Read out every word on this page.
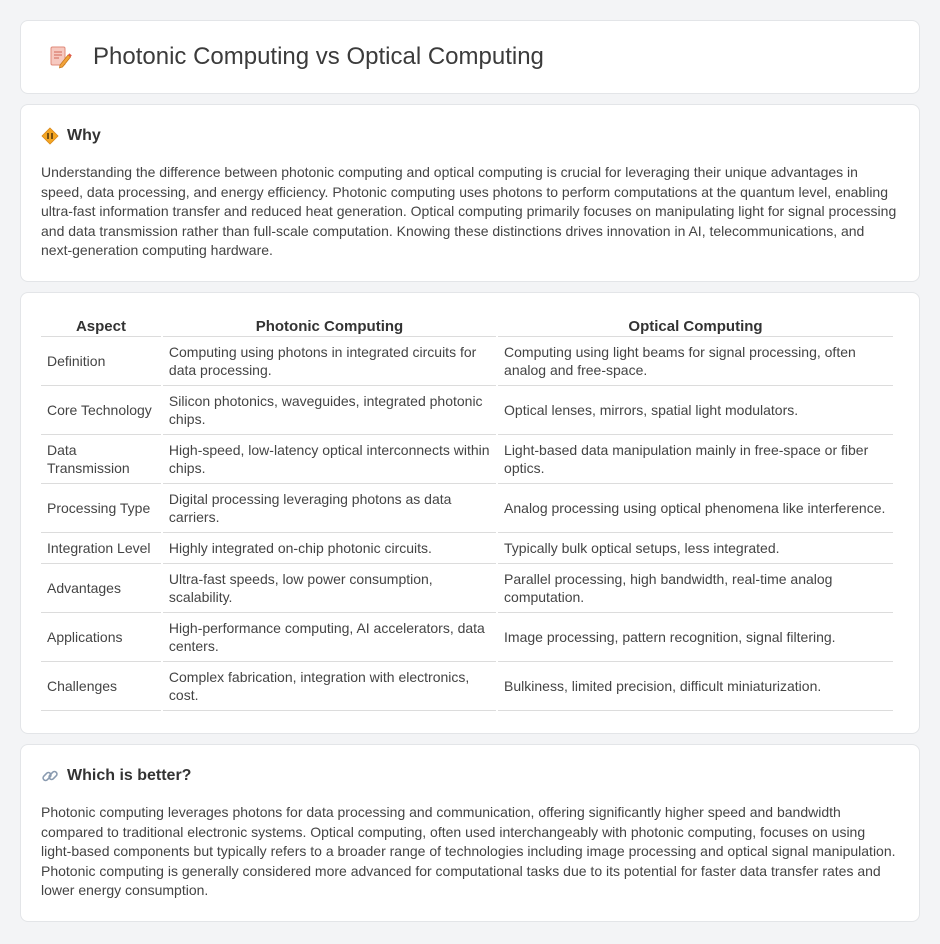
Photonic Computing vs Optical Computing
Why

Understanding the difference between photonic computing and optical computing is crucial for leveraging their unique advantages in speed, data processing, and energy efficiency. Photonic computing uses photons to perform computations at the quantum level, enabling ultra-fast information transfer and reduced heat generation. Optical computing primarily focuses on manipulating light for signal processing and data transmission rather than full-scale computation. Knowing these distinctions drives innovation in AI, telecommunications, and next-generation computing hardware.

Aspect	Photonic Computing	Optical Computing
Definition	Computing using photons in integrated circuits for data processing.	Computing using light beams for signal processing, often analog and free-space.
Core Technology	Silicon photonics, waveguides, integrated photonic chips.	Optical lenses, mirrors, spatial light modulators.
Data Transmission	High-speed, low-latency optical interconnects within chips.	Light-based data manipulation mainly in free-space or fiber optics.
Processing Type	Digital processing leveraging photons as data carriers.	Analog processing using optical phenomena like interference.
Integration Level	Highly integrated on-chip photonic circuits.	Typically bulk optical setups, less integrated.
Advantages	Ultra-fast speeds, low power consumption, scalability.	Parallel processing, high bandwidth, real-time analog computation.
Applications	High-performance computing, AI accelerators, data centers.	Image processing, pattern recognition, signal filtering.
Challenges	Complex fabrication, integration with electronics, cost.	Bulkiness, limited precision, difficult miniaturization.
Which is better?

Photonic computing leverages photons for data processing and communication, offering significantly higher speed and bandwidth compared to traditional electronic systems. Optical computing, often used interchangeably with photonic computing, focuses on using light-based components but typically refers to a broader range of technologies including image processing and optical signal manipulation. Photonic computing is generally considered more advanced for computational tasks due to its potential for faster data transfer rates and lower energy consumption.
